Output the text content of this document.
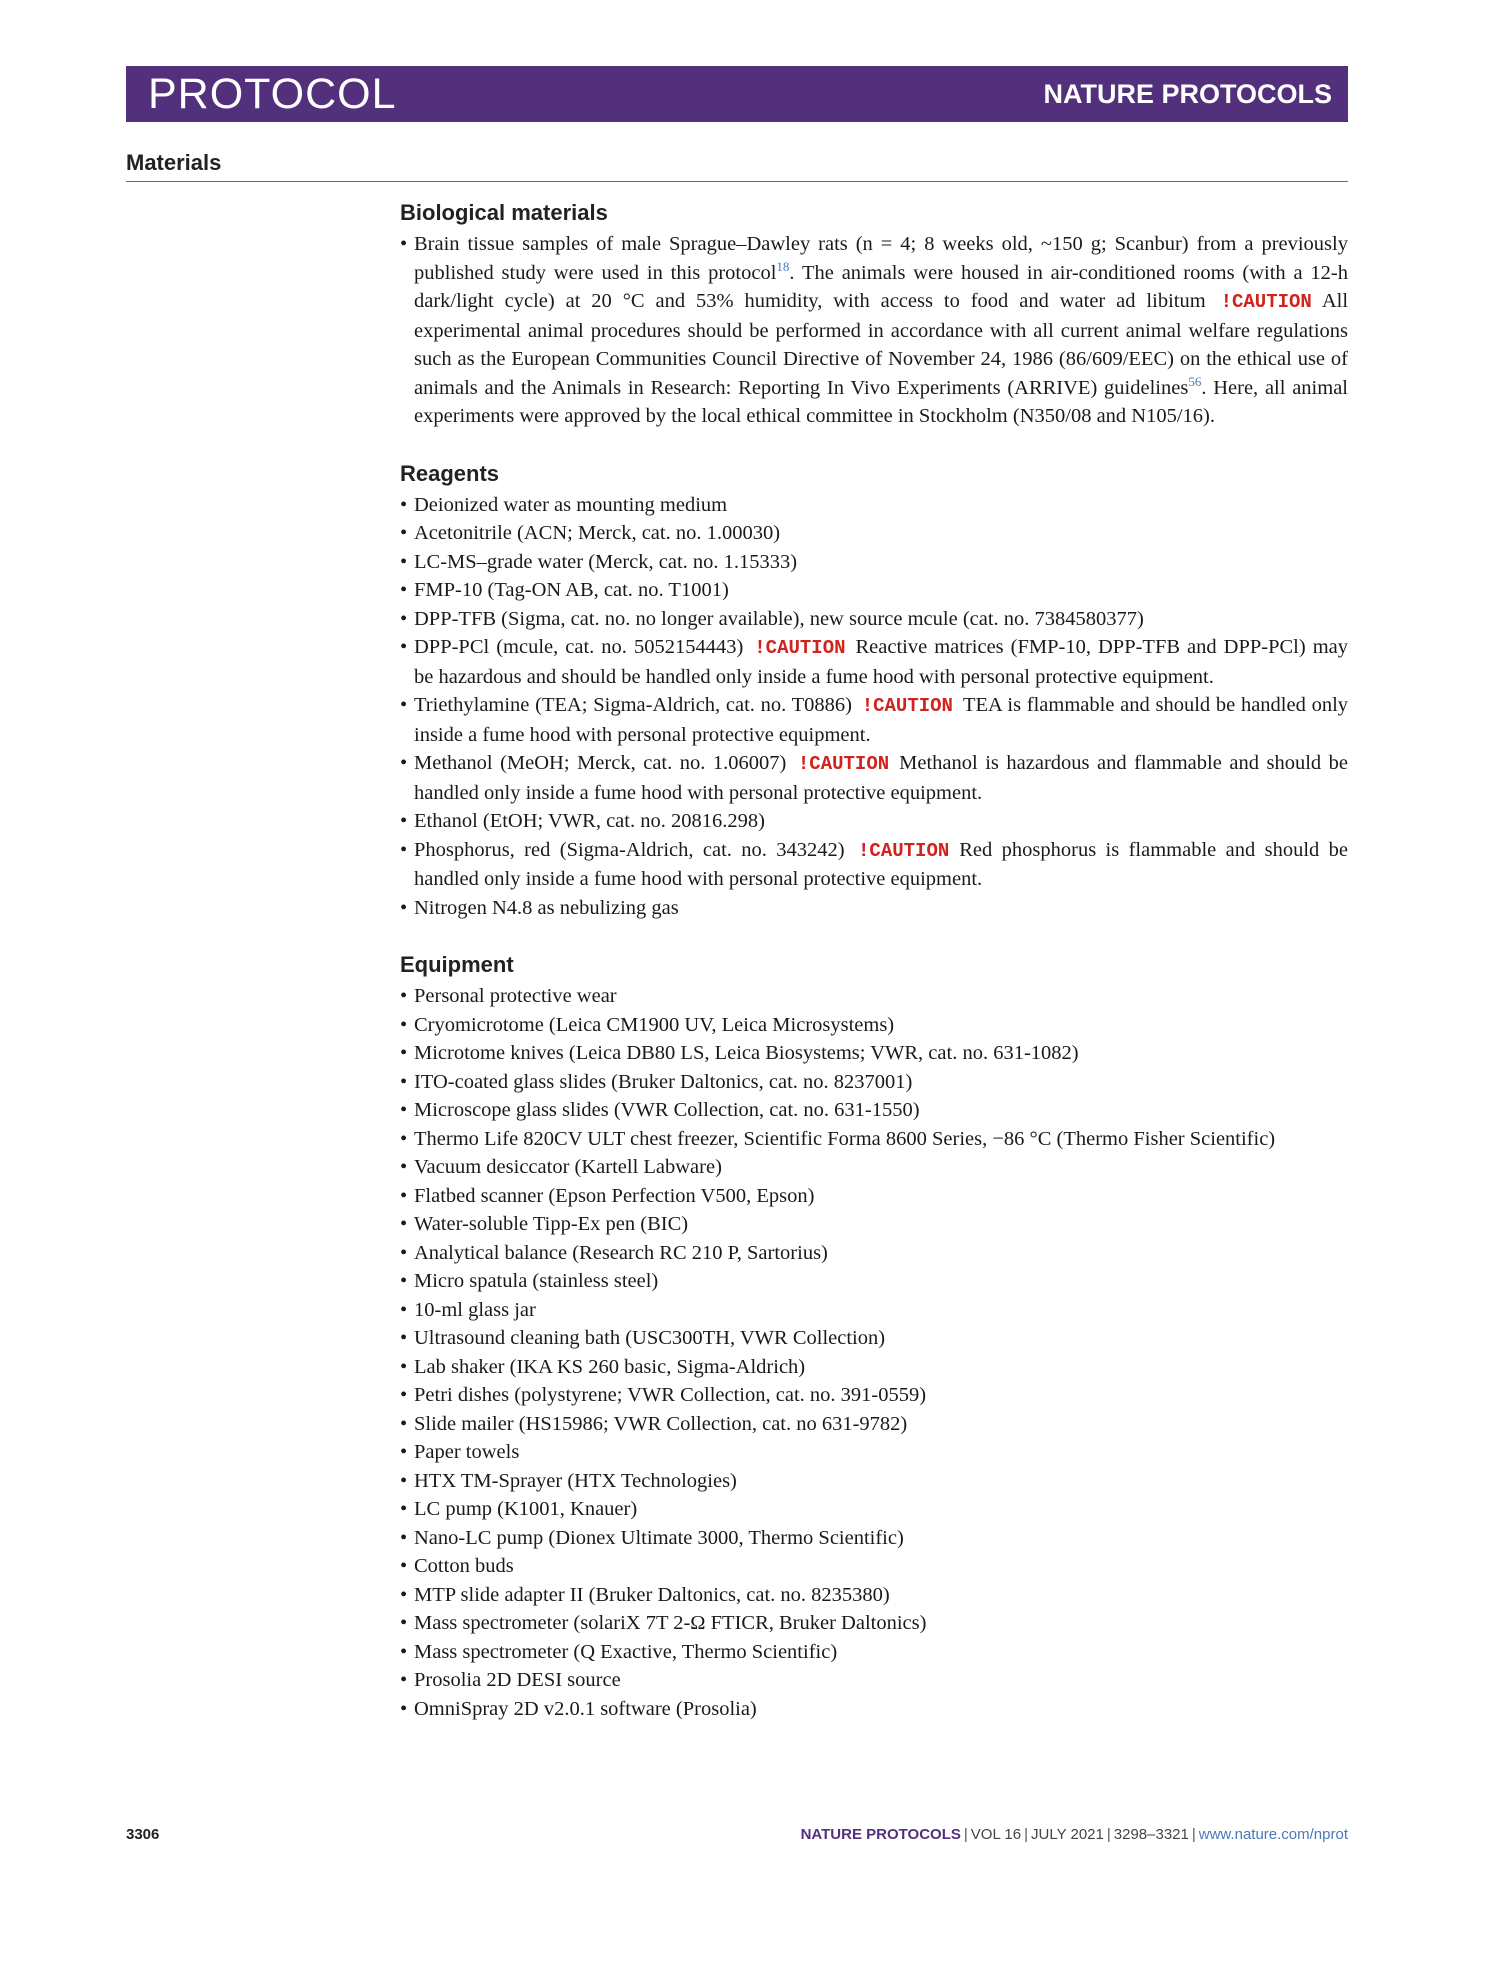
PROTOCOL	NATURE PROTOCOLS
Materials
Biological materials
• Brain tissue samples of male Sprague–Dawley rats (n = 4; 8 weeks old, ~150 g; Scanbur) from a previously published study were used in this protocol$^{18}$. The animals were housed in air-conditioned rooms (with a 12-h dark/light cycle) at 20 °C and 53% humidity, with access to food and water ad libitum !CAUTION All experimental animal procedures should be performed in accordance with all current animal welfare regulations such as the European Communities Council Directive of November 24, 1986 (86/609/EEC) on the ethical use of animals and the Animals in Research: Reporting In Vivo Experiments (ARRIVE) guidelines$^{56}$. Here, all animal experiments were approved by the local ethical committee in Stockholm (N350/08 and N105/16).
Reagents
• Deionized water as mounting medium
• Acetonitrile (ACN; Merck, cat. no. 1.00030)
• LC-MS–grade water (Merck, cat. no. 1.15333)
• FMP-10 (Tag-ON AB, cat. no. T1001)
• DPP-TFB (Sigma, cat. no. no longer available), new source mcule (cat. no. 7384580377)
• DPP-PCl (mcule, cat. no. 5052154443) !CAUTION Reactive matrices (FMP-10, DPP-TFB and DPP-PCl) may be hazardous and should be handled only inside a fume hood with personal protective equipment.
• Triethylamine (TEA; Sigma-Aldrich, cat. no. T0886) !CAUTION TEA is flammable and should be handled only inside a fume hood with personal protective equipment.
• Methanol (MeOH; Merck, cat. no. 1.06007) !CAUTION Methanol is hazardous and flammable and should be handled only inside a fume hood with personal protective equipment.
• Ethanol (EtOH; VWR, cat. no. 20816.298)
• Phosphorus, red (Sigma-Aldrich, cat. no. 343242) !CAUTION Red phosphorus is flammable and should be handled only inside a fume hood with personal protective equipment.
• Nitrogen N4.8 as nebulizing gas
Equipment
• Personal protective wear
• Cryomicrotome (Leica CM1900 UV, Leica Microsystems)
• Microtome knives (Leica DB80 LS, Leica Biosystems; VWR, cat. no. 631-1082)
• ITO-coated glass slides (Bruker Daltonics, cat. no. 8237001)
• Microscope glass slides (VWR Collection, cat. no. 631-1550)
• Thermo Life 820CV ULT chest freezer, Scientific Forma 8600 Series, −86 °C (Thermo Fisher Scientific)
• Vacuum desiccator (Kartell Labware)
• Flatbed scanner (Epson Perfection V500, Epson)
• Water-soluble Tipp-Ex pen (BIC)
• Analytical balance (Research RC 210 P, Sartorius)
• Micro spatula (stainless steel)
• 10-ml glass jar
• Ultrasound cleaning bath (USC300TH, VWR Collection)
• Lab shaker (IKA KS 260 basic, Sigma-Aldrich)
• Petri dishes (polystyrene; VWR Collection, cat. no. 391-0559)
• Slide mailer (HS15986; VWR Collection, cat. no 631-9782)
• Paper towels
• HTX TM-Sprayer (HTX Technologies)
• LC pump (K1001, Knauer)
• Nano-LC pump (Dionex Ultimate 3000, Thermo Scientific)
• Cotton buds
• MTP slide adapter II (Bruker Daltonics, cat. no. 8235380)
• Mass spectrometer (solariX 7T 2-Ω FTICR, Bruker Daltonics)
• Mass spectrometer (Q Exactive, Thermo Scientific)
• Prosolia 2D DESI source
• OmniSpray 2D v2.0.1 software (Prosolia)
3306	NATURE PROTOCOLS | VOL 16 | JULY 2021 | 3298–3321 | www.nature.com/nprot
